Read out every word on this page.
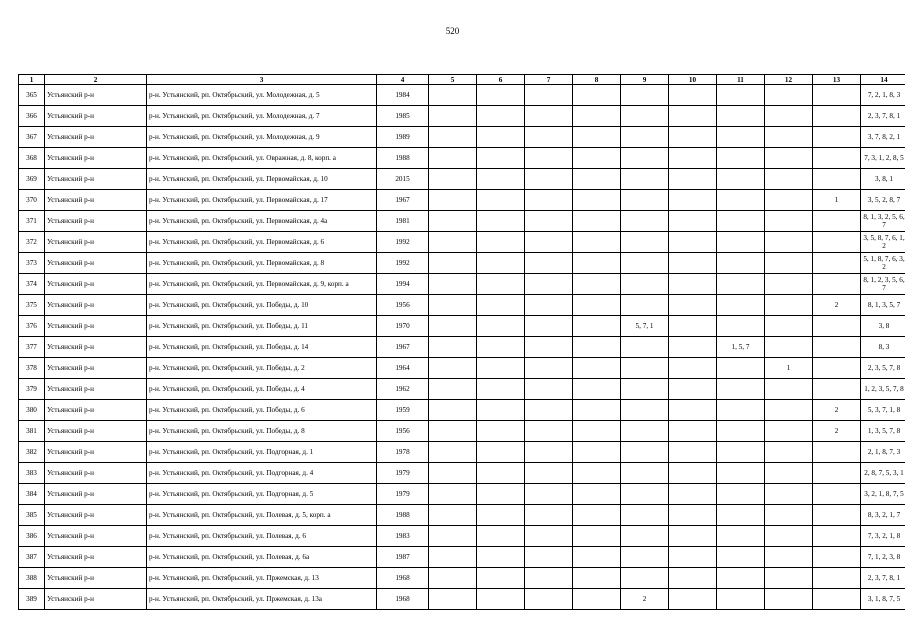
520
1	2	3	4	5	6	7	8	9	10	11	12	13	14
365	Устьянский р-н	р-н. Устьянский, рп. Октябрьский, ул. Молодежная, д. 5	1984										7, 2, 1, 8, 3
366	Устьянский р-н	р-н. Устьянский, рп. Октябрьский, ул. Молодежная, д. 7	1985										2, 3, 7, 8, 1
367	Устьянский р-н	р-н. Устьянский, рп. Октябрьский, ул. Молодежная, д. 9	1989										3, 7, 8, 2, 1
368	Устьянский р-н	р-н. Устьянский, рп. Октябрьский, ул. Овражная, д. 8, корп. а	1988										7, 3, 1, 2, 8, 5
369	Устьянский р-н	р-н. Устьянский, рп. Октябрьский, ул. Первомайская, д. 10	2015										3, 8, 1
370	Устьянский р-н	р-н. Устьянский, рп. Октябрьский, ул. Первомайская, д. 17	1967									1	3, 5, 2, 8, 7
371	Устьянский р-н	р-н. Устьянский, рп. Октябрьский, ул. Первомайская, д. 4а	1981										8, 1, 3, 2, 5, 6, 7
372	Устьянский р-н	р-н. Устьянский, рп. Октябрьский, ул. Первомайская, д. 6	1992										3, 5, 8, 7, 6, 1, 2
373	Устьянский р-н	р-н. Устьянский, рп. Октябрьский, ул. Первомайская, д. 8	1992										5, 1, 8, 7, 6, 3, 2
374	Устьянский р-н	р-н. Устьянский, рп. Октябрьский, ул. Первомайская, д. 9, корп. а	1994										8, 1, 2, 3, 5, 6, 7
375	Устьянский р-н	р-н. Устьянский, рп. Октябрьский, ул. Победы, д. 10	1956									2	8, 1, 3, 5, 7
376	Устьянский р-н	р-н. Устьянский, рп. Октябрьский, ул. Победы, д. 11	1970					5, 7, 1					3, 8
377	Устьянский р-н	р-н. Устьянский, рп. Октябрьский, ул. Победы, д. 14	1967							1, 5, 7			8, 3
378	Устьянский р-н	р-н. Устьянский, рп. Октябрьский, ул. Победы, д. 2	1964								1		2, 3, 5, 7, 8
379	Устьянский р-н	р-н. Устьянский, рп. Октябрьский, ул. Победы, д. 4	1962										1, 2, 3, 5, 7, 8
380	Устьянский р-н	р-н. Устьянский, рп. Октябрьский, ул. Победы, д. 6	1959									2	5, 3, 7, 1, 8
381	Устьянский р-н	р-н. Устьянский, рп. Октябрьский, ул. Победы, д. 8	1956									2	1, 3, 5, 7, 8
382	Устьянский р-н	р-н. Устьянский, рп. Октябрьский, ул. Подгорная, д. 1	1978										2, 1, 8, 7, 3
383	Устьянский р-н	р-н. Устьянский, рп. Октябрьский, ул. Подгорная, д. 4	1979										2, 8, 7, 5, 3, 1
384	Устьянский р-н	р-н. Устьянский, рп. Октябрьский, ул. Подгорная, д. 5	1979										3, 2, 1, 8, 7, 5
385	Устьянский р-н	р-н. Устьянский, рп. Октябрьский, ул. Полевая, д. 5, корп. а	1988										8, 3, 2, 1, 7
386	Устьянский р-н	р-н. Устьянский, рп. Октябрьский, ул. Полевая, д. 6	1983										7, 3, 2, 1, 8
387	Устьянский р-н	р-н. Устьянский, рп. Октябрьский, ул. Полевая, д. 6а	1987										7, 1, 2, 3, 8
388	Устьянский р-н	р-н. Устьянский, рп. Октябрьский, ул. Пржемская, д. 13	1968										2, 3, 7, 8, 1
389	Устьянский р-н	р-н. Устьянский, рп. Октябрьский, ул. Пржемская, д. 13а	1968					2					3, 1, 8, 7, 5
